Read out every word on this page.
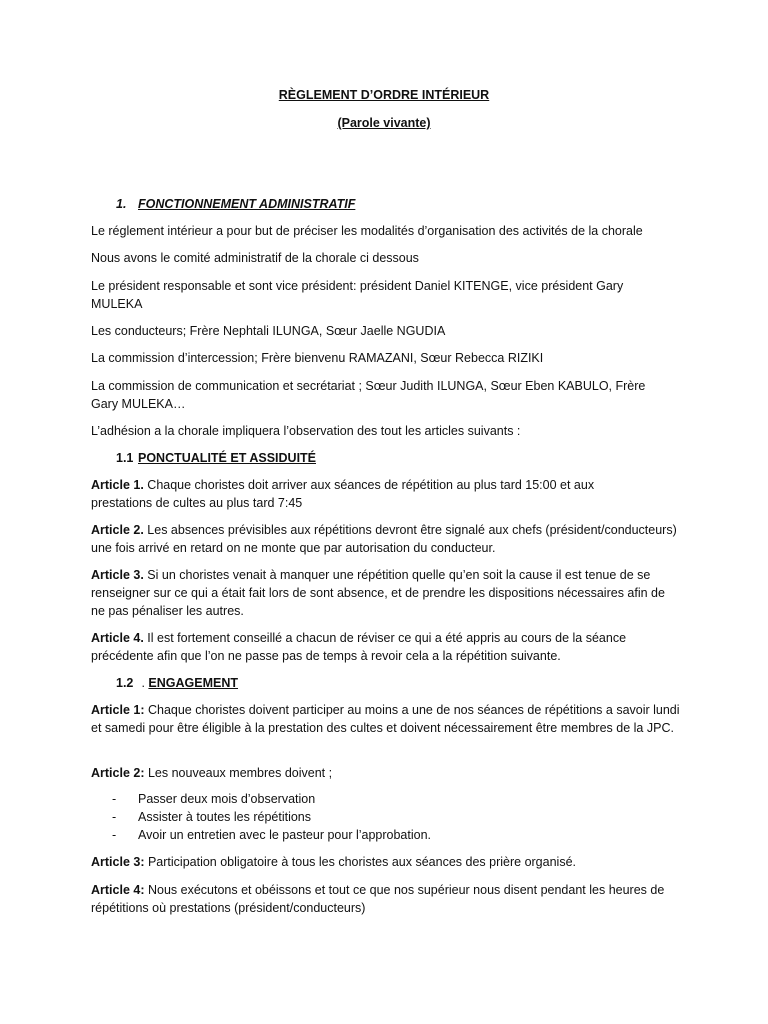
RÈGLEMENT D’ORDRE INTÉRIEUR
(Parole vivante)
1. FONCTIONNEMENT ADMINISTRATIF
Le réglement intérieur a pour but de préciser les modalités d’organisation des activités de la chorale
Nous avons le comité administratif de la chorale ci dessous
Le président responsable et sont vice président: président Daniel KITENGE, vice président Gary MULEKA
Les conducteurs; Frère Nephtali ILUNGA, Sœur Jaelle NGUDIA
La commission d’intercession; Frère bienvenu RAMAZANI, Sœur Rebecca RIZIKI
La commission de communication et secrétariat ; Sœur Judith ILUNGA, Sœur Eben KABULO, Frère Gary MULEKA…
L’adhésion a la chorale impliquera l’observation des tout les articles suivants :
1.1 PONCTUALITÉ ET ASSIDUITÉ
Article 1. Chaque choristes doit arriver aux séances de répétition au plus tard 15:00 et aux prestations de cultes au plus tard 7:45
Article 2. Les absences prévisibles aux répétitions devront être signalé aux chefs (président/conducteurs) une fois arrivé en retard on ne monte que par autorisation du conducteur.
Article 3. Si un choristes venait à manquer une répétition quelle qu’en soit la cause il est tenue de se renseigner sur ce qui a était fait lors de sont absence, et de prendre les dispositions nécessaires afin de ne pas pénaliser les autres.
Article 4. Il est fortement conseillé a chacun de réviser ce qui a été appris au cours de la séance précédente afin que l’on ne passe pas de temps à revoir cela a la répétition suivante.
1.2 . ENGAGEMENT
Article 1: Chaque choristes doivent participer au moins a une de nos séances de répétitions a savoir lundi et samedi pour être éligible à la prestation des cultes et doivent nécessairement être membres de la JPC.
Article 2: Les nouveaux membres doivent ;
- Passer deux mois d’observation
- Assister à toutes les répétitions
- Avoir un entretien avec le pasteur pour l’approbation.
Article 3: Participation obligatoire à tous les choristes aux séances des prière organisé.
Article 4: Nous exécutons et obéissons et tout ce que nos supérieur nous disent pendant les heures de répétitions où prestations (président/conducteurs)
